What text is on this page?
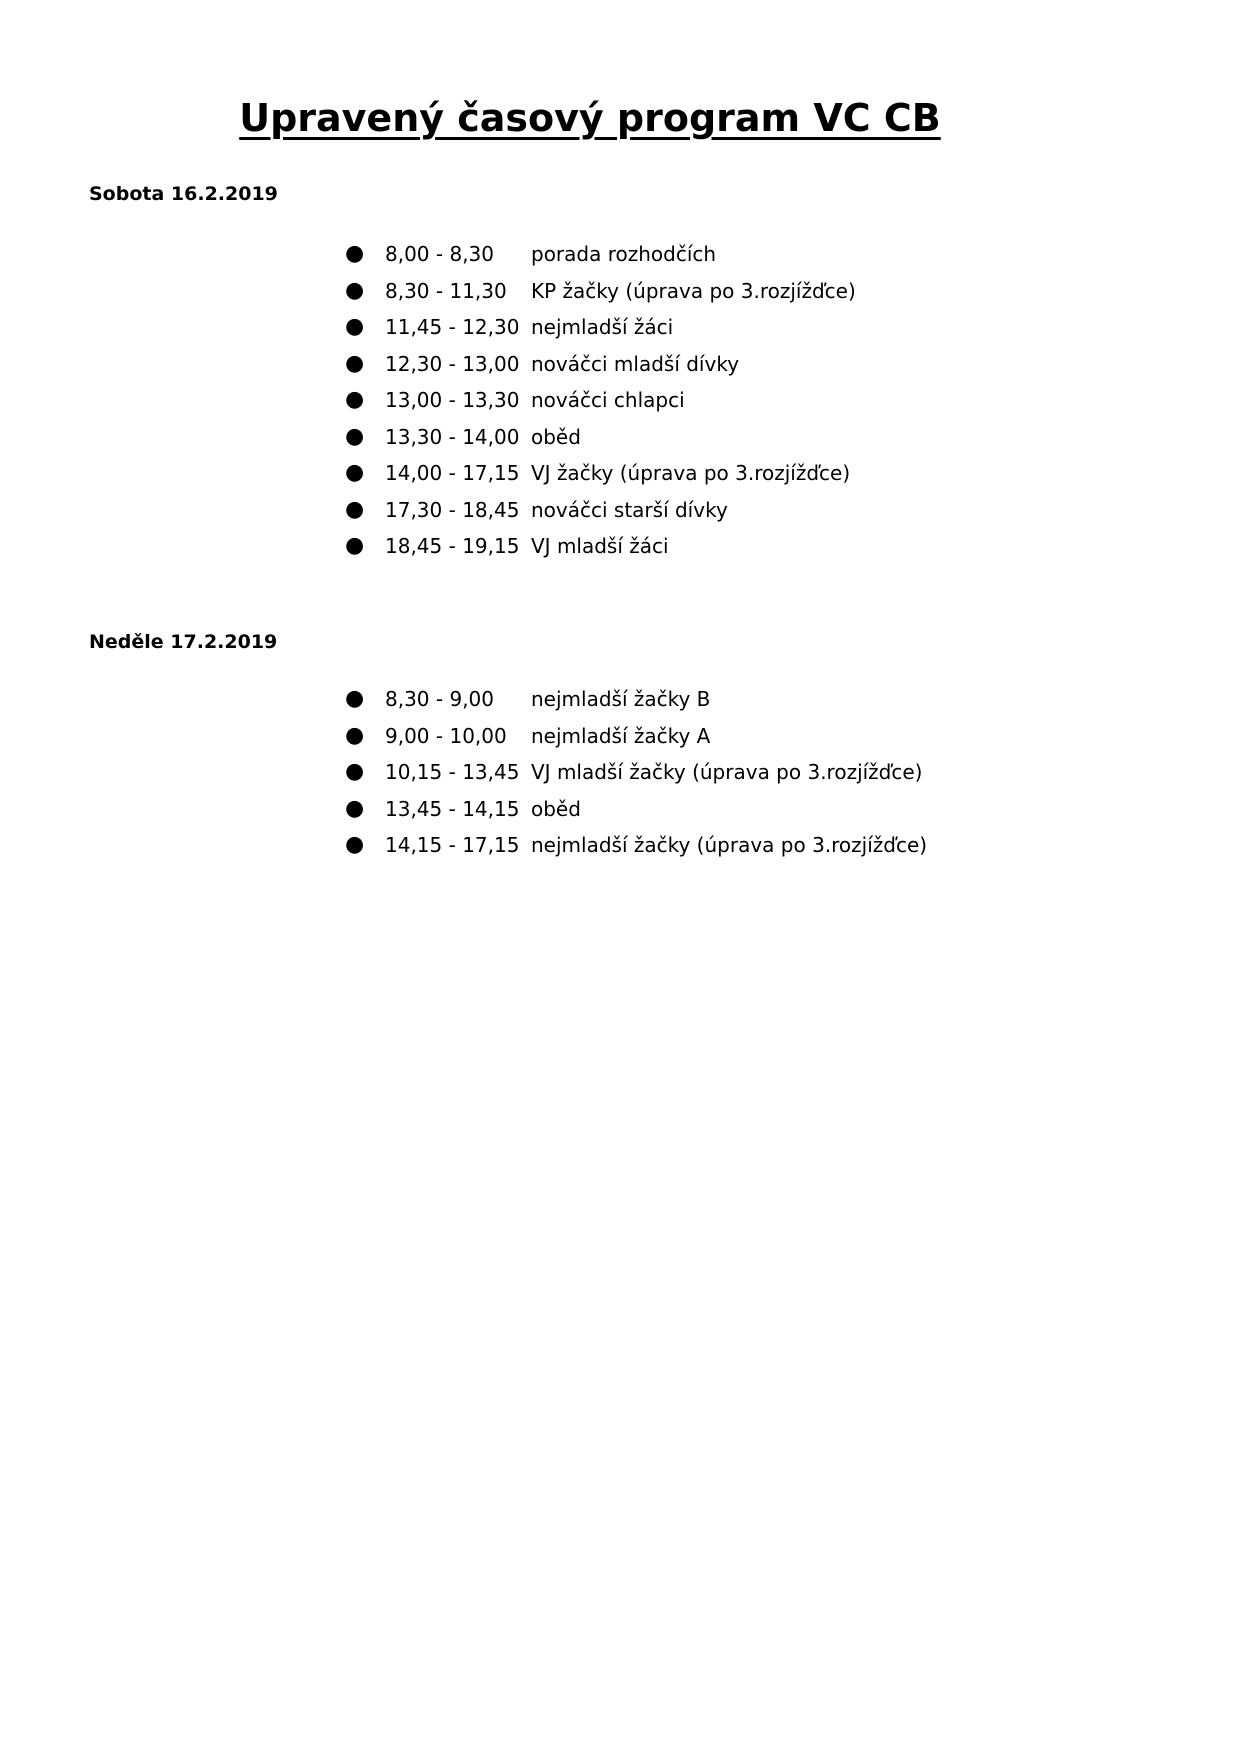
Upravený časový program VC CB
Sobota 16.2.2019
●	8,00 - 8,30	porada rozhodčích
●	8,30 - 11,30	KP žačky (úprava po 3.rozjížďce)
●	11,45 - 12,30 nejmladší žáci
●	12,30 - 13,00 nováčci mladší dívky
●	13,00 - 13,30 nováčci chlapci
●	13,30 - 14,00 oběd
●	14,00 - 17,15 VJ žačky (úprava po 3.rozjížďce)
●	17,30 - 18,45 nováčci starší dívky
●	18,45 - 19,15 VJ mladší žáci
Neděle 17.2.2019
●	8,30 - 9,00	nejmladší žačky B
●	9,00 - 10,00	nejmladší žačky A
●	10,15 - 13,45 VJ mladší žačky (úprava po 3.rozjížďce)
●	13,45 - 14,15 oběd
●	14,15 - 17,15 nejmladší žačky (úprava po 3.rozjížďce)
